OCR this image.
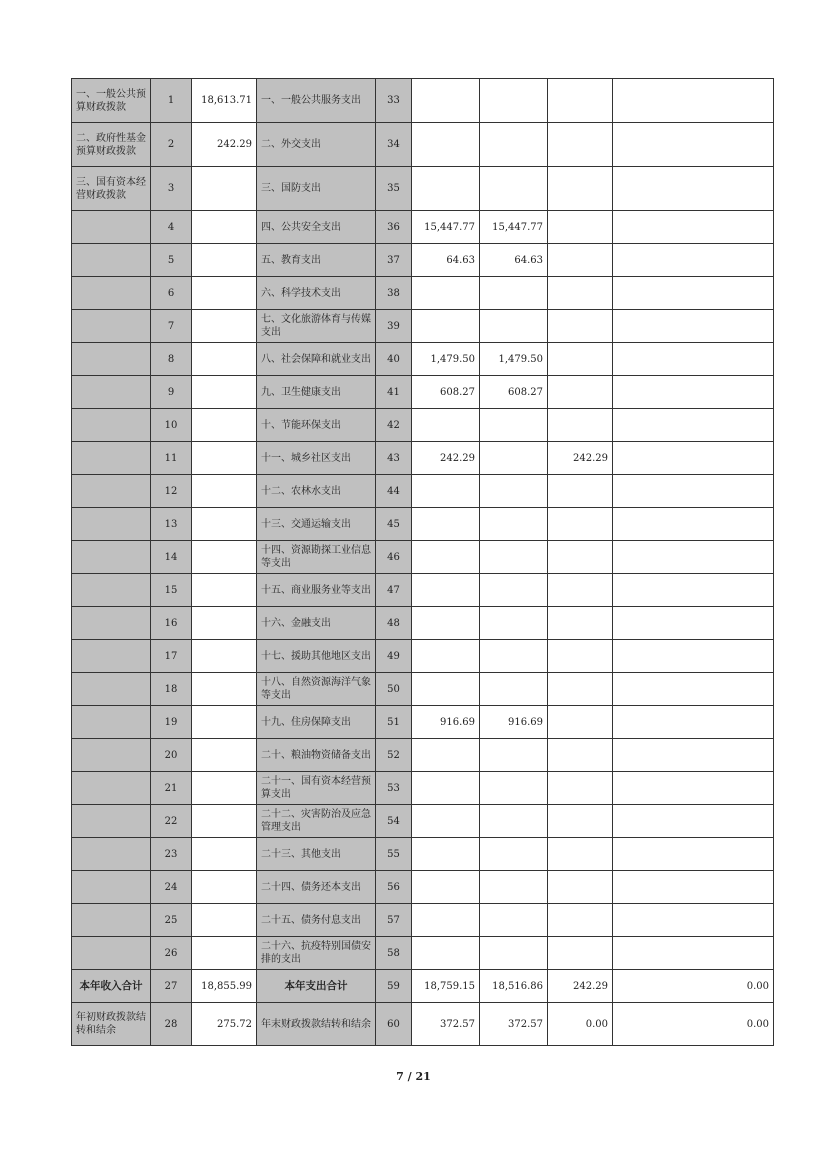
一、一般公共预算财政拨款	1	18,613.71	一、一般公共服务支出	33				
二、政府性基金预算财政拨款	2	242.29	二、外交支出	34				
三、国有资本经营财政拨款	3		三、国防支出	35				
	4		四、公共安全支出	36	15,447.77	15,447.77		
	5		五、教育支出	37	64.63	64.63		
	6		六、科学技术支出	38				
	7		七、文化旅游体育与传媒支出	39				
	8		八、社会保障和就业支出	40	1,479.50	1,479.50		
	9		九、卫生健康支出	41	608.27	608.27		
	10		十、节能环保支出	42				
	11		十一、城乡社区支出	43	242.29		242.29	
	12		十二、农林水支出	44				
	13		十三、交通运输支出	45				
	14		十四、资源勘探工业信息等支出	46				
	15		十五、商业服务业等支出	47				
	16		十六、金融支出	48				
	17		十七、援助其他地区支出	49				
	18		十八、自然资源海洋气象等支出	50				
	19		十九、住房保障支出	51	916.69	916.69		
	20		二十、粮油物资储备支出	52				
	21		二十一、国有资本经营预算支出	53				
	22		二十二、灾害防治及应急管理支出	54				
	23		二十三、其他支出	55				
	24		二十四、债务还本支出	56				
	25		二十五、债务付息支出	57				
	26		二十六、抗疫特别国债安排的支出	58				
本年收入合计	27	18,855.99	本年支出合计	59	18,759.15	18,516.86	242.29	0.00
年初财政拨款结转和结余	28	275.72	年末财政拨款结转和结余	60	372.57	372.57	0.00	0.00
7 / 21
